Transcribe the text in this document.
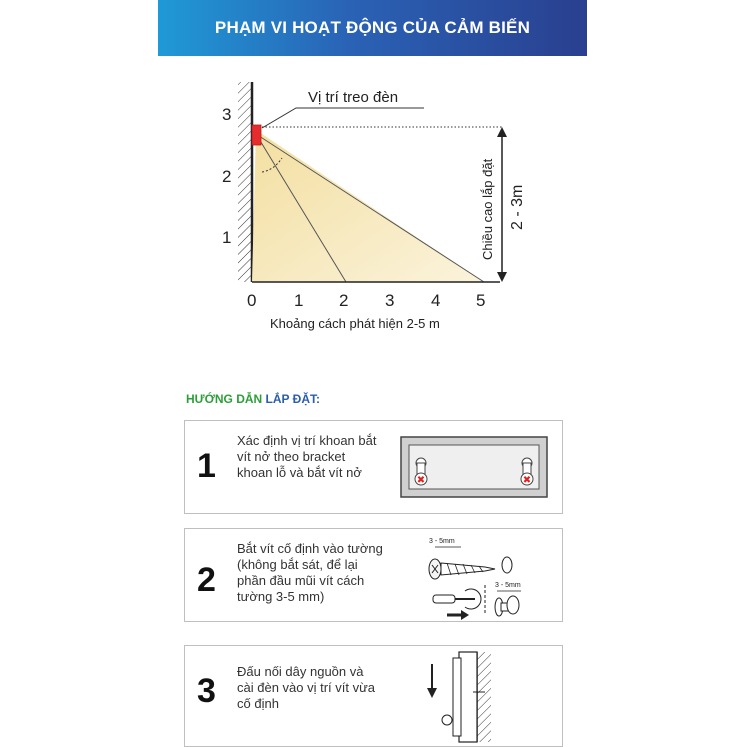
PHẠM VI HOẠT ĐỘNG CỦA CẢM BIẾN
Vị trí treo đèn
3
2
1
0 1 2 3 4 5
Khoảng cách phát hiện 2-5 m
Chiều cao lắp đặt 2 - 3m
HƯỚNG DẪN LẮP ĐẶT:
1
Xác định vị trí khoan bắt vít nở theo bracket khoan lỗ và bắt vít nở
✖	✖
2
Bắt vít cố định vào tường (không bắt sát, để lại phần đầu mũi vít cách tường 3-5 mm)
3 - 5mm
3 - 5mm
3
Đấu nối dây nguồn và cài đèn vào vị trí vít vừa cố định
